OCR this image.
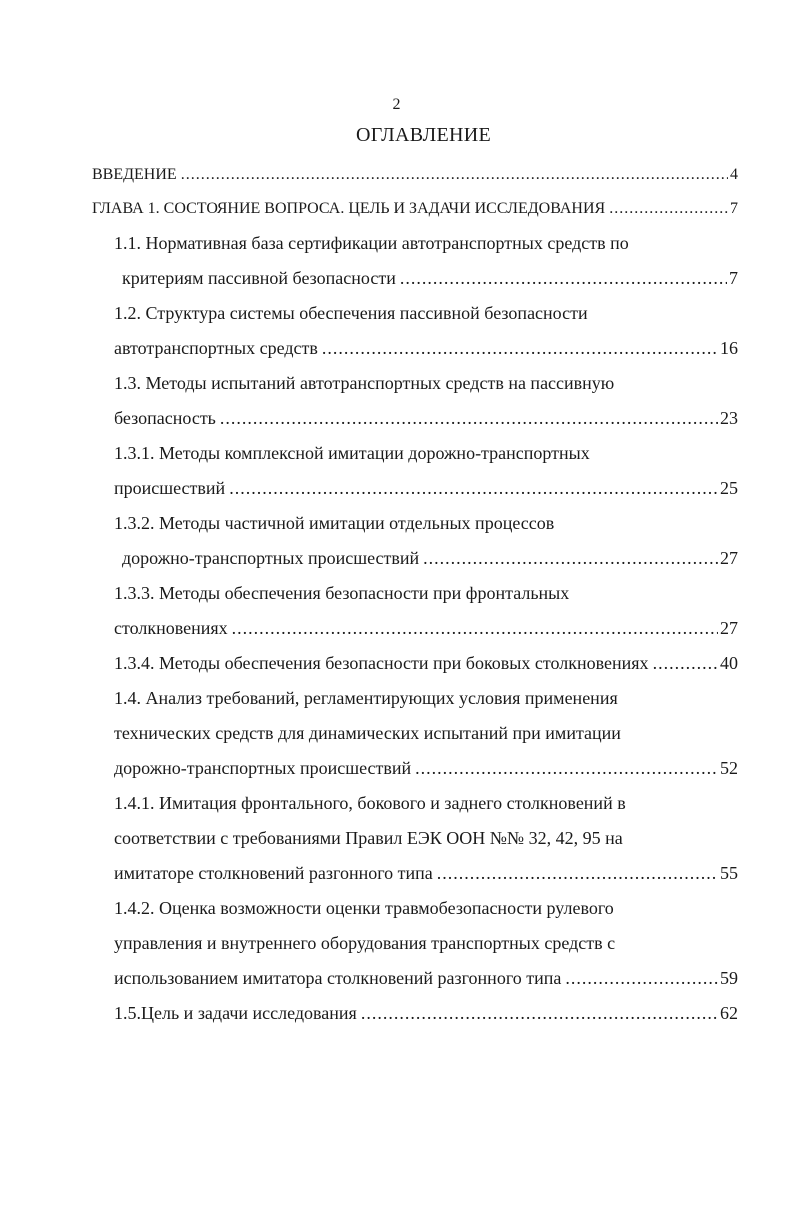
2
ОГЛАВЛЕНИЕ
ВВЕДЕНИЕ .....	4
ГЛАВА 1. СОСТОЯНИЕ ВОПРОСА. ЦЕЛЬ И ЗАДАЧИ ИССЛЕДОВАНИЯ .....	7
1.1. Нормативная база сертификации автотранспортных средств по
критериям пассивной безопасности .....	7
1.2. Структура системы обеспечения пассивной безопасности
автотранспортных средств .....	16
1.3. Методы испытаний автотранспортных средств на пассивную
безопасность .....	23
1.3.1. Методы комплексной имитации дорожно-транспортных
происшествий .....	25
1.3.2. Методы частичной имитации отдельных процессов
дорожно-транспортных происшествий .....	27
1.3.3. Методы обеспечения безопасности при фронтальных
столкновениях .....	27
1.3.4. Методы обеспечения безопасности при боковых столкновениях .....	40
1.4. Анализ требований, регламентирующих условия применения
технических средств для динамических испытаний при имитации
дорожно-транспортных происшествий .....	52
1.4.1. Имитация фронтального, бокового и заднего столкновений в
соответствии с требованиями Правил ЕЭК ООН №№ 32, 42, 95 на
имитаторе столкновений разгонного типа .....	55
1.4.2. Оценка возможности оценки травмобезопасности рулевого
управления и внутреннего оборудования транспортных средств с
использованием имитатора столкновений разгонного типа .....	59
1.5.Цель и задачи исследования .....	62
